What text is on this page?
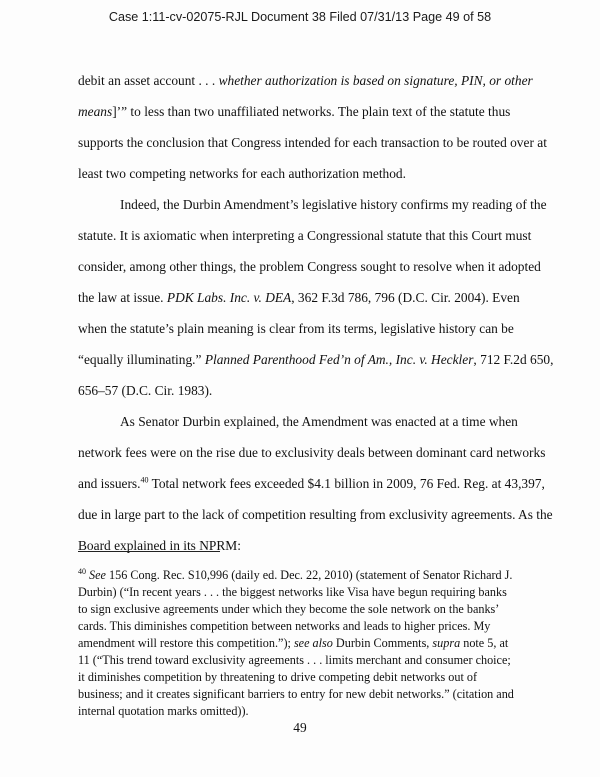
Case 1:11-cv-02075-RJL Document 38 Filed 07/31/13 Page 49 of 58
debit an asset account . . . whether authorization is based on signature, PIN, or other
means]’” to less than two unaffiliated networks. The plain text of the statute thus
supports the conclusion that Congress intended for each transaction to be routed over at
least two competing networks for each authorization method.
Indeed, the Durbin Amendment’s legislative history confirms my reading of the
statute. It is axiomatic when interpreting a Congressional statute that this Court must
consider, among other things, the problem Congress sought to resolve when it adopted
the law at issue. PDK Labs. Inc. v. DEA, 362 F.3d 786, 796 (D.C. Cir. 2004). Even
when the statute’s plain meaning is clear from its terms, legislative history can be
“equally illuminating.” Planned Parenthood Fed’n of Am., Inc. v. Heckler, 712 F.2d 650,
656–57 (D.C. Cir. 1983).
As Senator Durbin explained, the Amendment was enacted at a time when
network fees were on the rise due to exclusivity deals between dominant card networks
and issuers.$^{40}$ Total network fees exceeded $4.1 billion in 2009, 76 Fed. Reg. at 43,397,
due in large part to the lack of competition resulting from exclusivity agreements. As the
Board explained in its NPRM:
$^{40}$ See 156 Cong. Rec. S10,996 (daily ed. Dec. 22, 2010) (statement of Senator Richard J.
Durbin) (“In recent years . . . the biggest networks like Visa have begun requiring banks
to sign exclusive agreements under which they become the sole network on the banks’
cards. This diminishes competition between networks and leads to higher prices. My
amendment will restore this competition.”); see also Durbin Comments, supra note 5, at
11 (“This trend toward exclusivity agreements . . . limits merchant and consumer choice;
it diminishes competition by threatening to drive competing debit networks out of
business; and it creates significant barriers to entry for new debit networks.” (citation and
internal quotation marks omitted)).
49
